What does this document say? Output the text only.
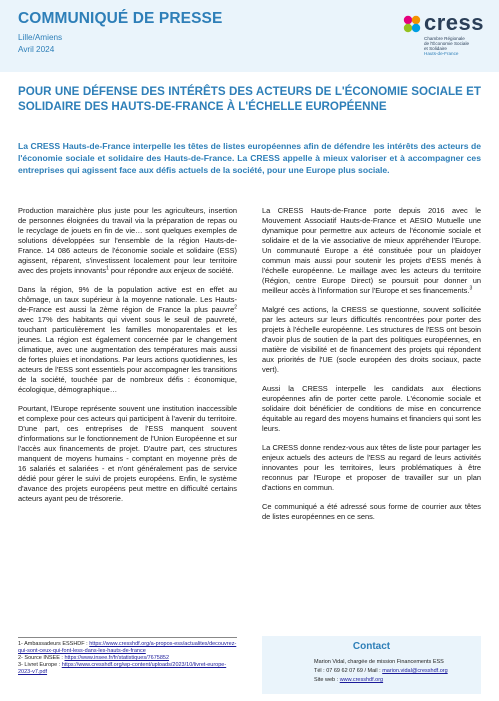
COMMUNIQUÉ DE PRESSE
Lille/Amiens
Avril 2024
cress
Chambre Régionale
de l'Économie Sociale
et Solidaire
Hauts-de-France
POUR UNE DÉFENSE DES INTÉRÊTS DES ACTEURS DE L'ÉCONOMIE SOCIALE ET SOLIDAIRE DES HAUTS-DE-FRANCE À L'ÉCHELLE EUROPÉENNE
La CRESS Hauts-de-France interpelle les têtes de listes européennes afin de défendre les intérêts des acteurs de l'économie sociale et solidaire des Hauts-de-France. La CRESS appelle à mieux valoriser et à accompagner ces entreprises qui agissent face aux défis actuels de la société, pour une Europe plus sociale.

Production maraichère plus juste pour les agriculteurs, insertion de personnes éloignées du travail via la préparation de repas ou le recyclage de jouets en fin de vie… sont quelques exemples de solutions développées sur l'ensemble de la région Hauts-de-France. 14 086 acteurs de l'économie sociale et solidaire (ESS) agissent, réparent, s'investissent localement pour leur territoire avec des projets innovants$^1$ pour répondre aux enjeux de société.

Dans la région, 9% de la population active est en effet au chômage, un taux supérieur à la moyenne nationale. Les Hauts-de-France est aussi la 2ème région de France la plus pauvre$^2$ avec 17% des habitants qui vivent sous le seuil de pauvreté, touchant particulièrement les familles monoparentales et les jeunes. La région est également concernée par le changement climatique, avec une augmentation des températures mais aussi de fortes pluies et inondations. Par leurs actions quotidiennes, les acteurs de l'ESS sont essentiels pour accompagner les transitions de la société, touchée par de nombreux défis : économique, écologique, démographique…

Pourtant, l'Europe représente souvent une institution inaccessible et complexe pour ces acteurs qui participent à l'avenir du territoire. D'une part, ces entreprises de l'ESS manquent souvent d'informations sur le fonctionnement de l'Union Européenne et sur l'accès aux financements de projet. D'autre part, ces structures manquent de moyens humains - comptant en moyenne près de 16 salariés et salariées - et n'ont généralement pas de service dédié pour gérer le suivi de projets européens. Enfin, le système d'avance des projets européens peut mettre en difficulté certains acteurs ayant peu de trésorerie.

La CRESS Hauts-de-France porte depuis 2016 avec le Mouvement Associatif Hauts-de-France et AESIO Mutuelle une dynamique pour permettre aux acteurs de l'économie sociale et solidaire et de la vie associative de mieux appréhender l'Europe. Un communauté Europe a été constituée pour un plaidoyer commun mais aussi pour soutenir les projets d'ESS menés à l'échelle européenne. Le maillage avec les acteurs du territoire (Région, centre Europe Direct) se poursuit pour donner un meilleur accès à l'information sur l'Europe et ses financements.$^3$

Malgré ces actions, la CRESS se questionne, souvent sollicitée par les acteurs sur leurs difficultés rencontrées pour porter des projets à l'échelle européenne. Les structures de l'ESS ont besoin d'avoir plus de soutien de la part des politiques européennes, en matière de visibilité et de financement des projets qui répondent aux priorités de l'UE (socle européen des droits sociaux, pacte vert).

Aussi la CRESS interpelle les candidats aux élections européennes afin de porter cette parole. L'économie sociale et solidaire doit bénéficier de conditions de mise en concurrence équitable au regard des moyens humains et financiers qui sont les leurs.

La CRESS donne rendez-vous aux têtes de liste pour partager les enjeux actuels des acteurs de l'ESS au regard de leurs activités innovantes pour les territoires, leurs problématiques à être reconnus par l'Europe et proposer de travailler sur un plan d'actions en commun.

Ce communiqué a été adressé sous forme de courrier aux têtes de listes européennes en ce sens.

1- Ambassadeurs ESSHDF : https://www.cresshdf.org/a-propos-ess/actualites/decouvrez-qui-sont-ceux-qui-font-less-dans-les-hauts-de-france
2- Source INSEE : https://www.insee.fr/fr/statistiques/7675852
3- Livret Europe : https://www.cresshdf.org/wp-content/uploads/2023/10/livret-europe-2023-v7.pdf
Contact
Marion Vidal, chargée de mission Financements ESS
Tél : 07 69 62 07 69 / Mail : marion.vidal@cresshdf.org
Site web : www.cresshdf.org
